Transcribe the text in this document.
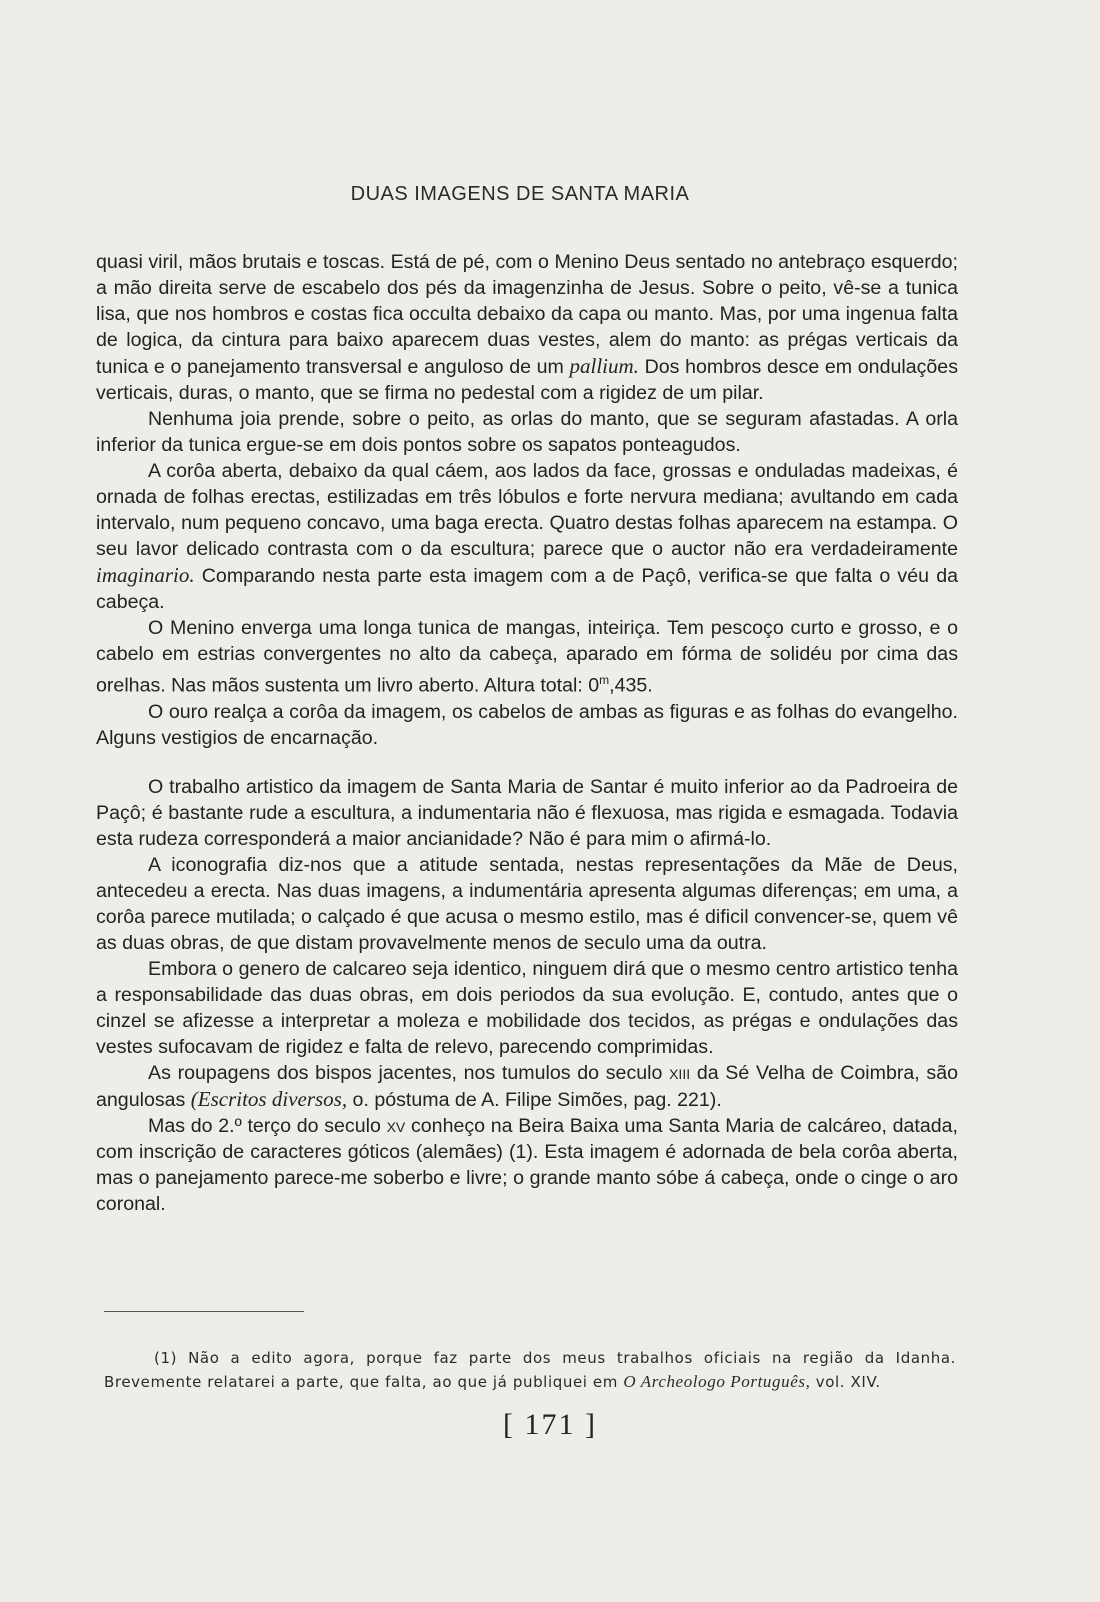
DUAS IMAGENS DE SANTA MARIA

quasi viril, mãos brutais e toscas. Está de pé, com o Menino Deus sentado no antebraço esquerdo; a mão direita serve de escabelo dos pés da imagenzinha de Jesus. Sobre o peito, vê-se a tunica lisa, que nos hombros e costas fica occulta debaixo da capa ou manto. Mas, por uma ingenua falta de logica, da cintura para baixo aparecem duas vestes, alem do manto: as prégas verticais da tunica e o panejamento transversal e anguloso de um pallium. Dos hombros desce em ondulações verticais, duras, o manto, que se firma no pedestal com a rigidez de um pilar.

Nenhuma joia prende, sobre o peito, as orlas do manto, que se seguram afastadas. A orla inferior da tunica ergue-se em dois pontos sobre os sapatos ponteagudos.

A corôa aberta, debaixo da qual cáem, aos lados da face, grossas e onduladas madeixas, é ornada de folhas erectas, estilizadas em três lóbulos e forte nervura mediana; avultando em cada intervalo, num pequeno concavo, uma baga erecta. Quatro destas folhas aparecem na estampa. O seu lavor delicado contrasta com o da escultura; parece que o auctor não era verdadeiramente imaginario. Comparando nesta parte esta imagem com a de Paçô, verifica-se que falta o véu da cabeça.

O Menino enverga uma longa tunica de mangas, inteiriça. Tem pescoço curto e grosso, e o cabelo em estrias convergentes no alto da cabeça, aparado em fórma de solidéu por cima das orelhas. Nas mãos sustenta um livro aberto. Altura total: 0$^m$,435.

O ouro realça a corôa da imagem, os cabelos de ambas as figuras e as folhas do evangelho. Alguns vestigios de encarnação.

O trabalho artistico da imagem de Santa Maria de Santar é muito inferior ao da Padroeira de Paçô; é bastante rude a escultura, a indumentaria não é flexuosa, mas rigida e esmagada. Todavia esta rudeza corresponderá a maior ancianidade? Não é para mim o afirmá-lo.

A iconografia diz-nos que a atitude sentada, nestas representações da Mãe de Deus, antecedeu a erecta. Nas duas imagens, a indumentária apresenta algumas diferenças; em uma, a corôa parece mutilada; o calçado é que acusa o mesmo estilo, mas é dificil convencer-se, quem vê as duas obras, de que distam provavelmente menos de seculo uma da outra.

Embora o genero de calcareo seja identico, ninguem dirá que o mesmo centro artistico tenha a responsabilidade das duas obras, em dois periodos da sua evolução. E, contudo, antes que o cinzel se afizesse a interpretar a moleza e mobilidade dos tecidos, as prégas e ondulações das vestes sufocavam de rigidez e falta de relevo, parecendo comprimidas.

As roupagens dos bispos jacentes, nos tumulos do seculo xiii da Sé Velha de Coimbra, são angulosas (Escritos diversos, o. póstuma de A. Filipe Simões, pag. 221).

Mas do 2.º terço do seculo xv conheço na Beira Baixa uma Santa Maria de calcáreo, datada, com inscrição de caracteres góticos (alemães) (1). Esta imagem é adornada de bela corôa aberta, mas o panejamento parece-me soberbo e livre; o grande manto sóbe á cabeça, onde o cinge o aro coronal.

(1) Não a edito agora, porque faz parte dos meus trabalhos oficiais na região da Idanha. Brevemente relatarei a parte, que falta, ao que já publiquei em O Archeologo Português, vol. XIV.

[ 171 ]
